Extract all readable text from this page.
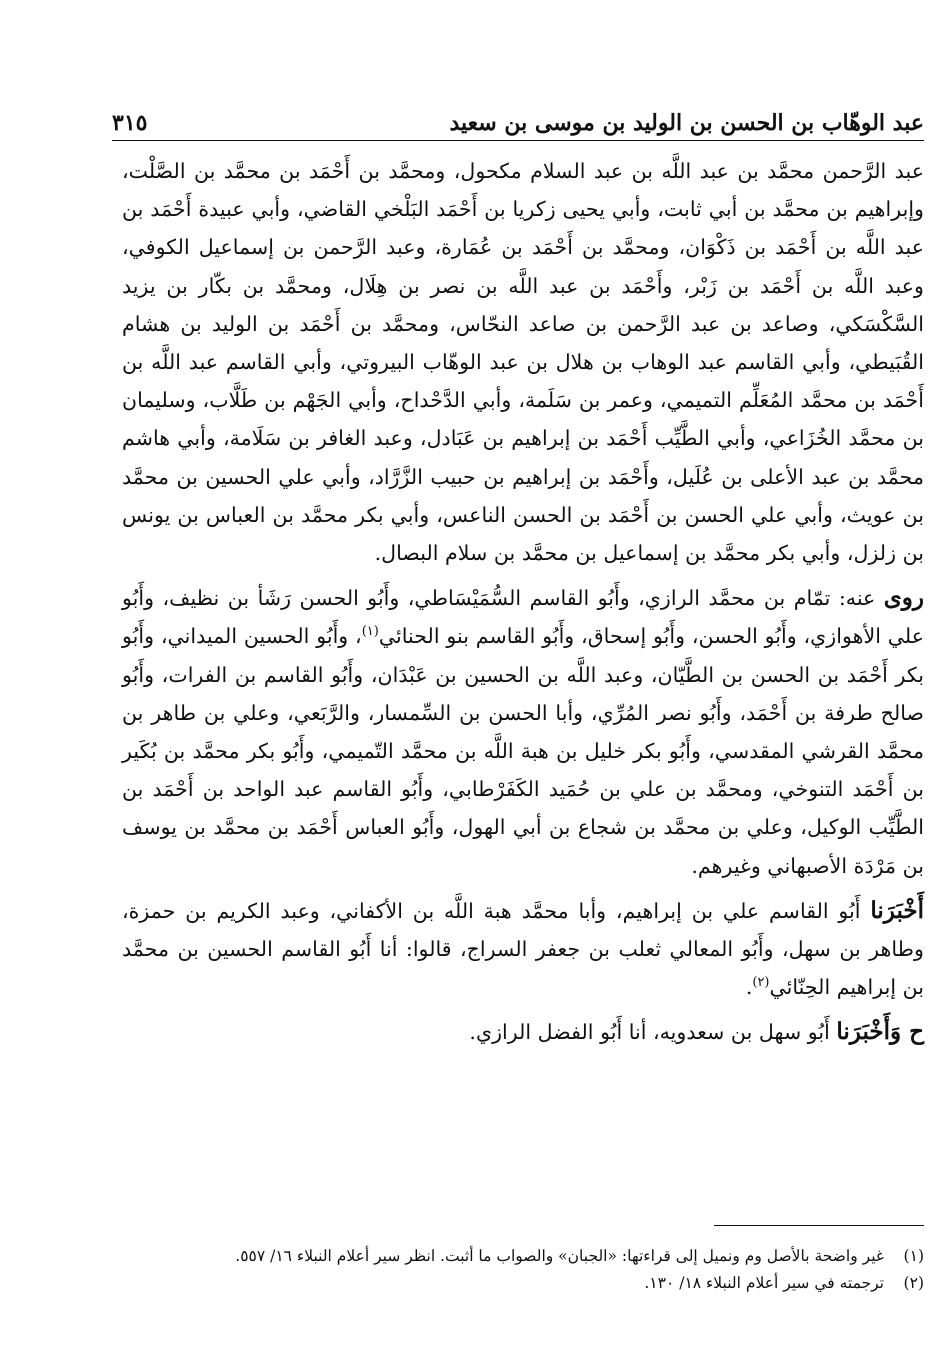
عبد الوهّاب بن الحسن بن الوليد بن موسى بن سعيد
٣١٥

عبد الرَّحمن محمَّد بن عبد اللَّه بن عبد السلام مكحول، ومحمَّد بن أَحْمَد بن محمَّد بن الصَّلْت، وإبراهيم بن محمَّد بن أبي ثابت، وأبي يحيى زكريا بن أَحْمَد البَلْخي القاضي، وأبي عبيدة أَحْمَد بن عبد اللَّه بن أَحْمَد بن ذَكْوَان، ومحمَّد بن أَحْمَد بن عُمَارة، وعبد الرَّحمن بن إسماعيل الكوفي، وعبد اللَّه بن أَحْمَد بن زَبْر، وأَحْمَد بن عبد اللَّه بن نصر بن هِلَال، ومحمَّد بن بكّار بن يزيد السَّكْسَكي، وصاعد بن عبد الرَّحمن بن صاعد النحّاس، ومحمَّد بن أَحْمَد بن الوليد بن هشام القُبَيطي، وأبي القاسم عبد الوهاب بن هلال بن عبد الوهّاب البيروتي، وأبي القاسم عبد اللَّه بن أَحْمَد بن محمَّد المُعَلِّم التميمي، وعمر بن سَلَمة، وأبي الدَّحْداح، وأبي الجَهْم بن طَلَّاب، وسليمان بن محمَّد الخُزَاعي، وأبي الطَّيِّب أَحْمَد بن إبراهيم بن عَبَادل، وعبد الغافر بن سَلَامة، وأبي هاشم محمَّد بن عبد الأعلى بن عُلَيل، وأَحْمَد بن إبراهيم بن حبيب الزَّرَّاد، وأبي علي الحسين بن محمَّد بن عويث، وأبي علي الحسن بن أَحْمَد بن الحسن الناعس، وأبي بكر محمَّد بن العباس بن يونس بن زلزل، وأبي بكر محمَّد بن إسماعيل بن محمَّد بن سلام البصال.

روى عنه: تمّام بن محمَّد الرازي، وأَبُو القاسم السُّمَيْسَاطي، وأَبُو الحسن رَشَأ بن نظيف، وأَبُو علي الأهوازي، وأَبُو الحسن، وأَبُو إسحاق، وأَبُو القاسم بنو الحنائي$^{(١)}$، وأَبُو الحسين الميداني، وأَبُو بكر أَحْمَد بن الحسن بن الطَّيّان، وعبد اللَّه بن الحسين بن عَبْدَان، وأَبُو القاسم بن الفرات، وأَبُو صالح طرفة بن أَحْمَد، وأَبُو نصر المُرِّي، وأبا الحسن بن السِّمسار، والرَّبَعي، وعلي بن طاهر بن محمَّد القرشي المقدسي، وأَبُو بكر خليل بن هبة اللَّه بن محمَّد التّميمي، وأَبُو بكر محمَّد بن بُكَير بن أَحْمَد التنوخي، ومحمَّد بن علي بن حُمَيد الكَفَرْطابي، وأَبُو القاسم عبد الواحد بن أَحْمَد بن الطَّيِّب الوكيل، وعلي بن محمَّد بن شجاع بن أبي الهول، وأَبُو العباس أَحْمَد بن محمَّد بن يوسف بن مَرْدَة الأصبهاني وغيرهم.

أَخْبَرَنا أَبُو القاسم علي بن إبراهيم، وأبا محمَّد هبة اللَّه بن الأكفاني، وعبد الكريم بن حمزة، وطاهر بن سهل، وأَبُو المعالي ثعلب بن جعفر السراج، قالوا: أنا أَبُو القاسم الحسين بن محمَّد بن إبراهيم الحِنّائي$^{(٢)}$.

ح وَأَخْبَرَنا أَبُو سهل بن سعدويه، أنا أَبُو الفضل الرازي.

(١)
غير واضحة بالأصل وم ونميل إلى قراءتها: «الجبان» والصواب ما أثبت. انظر سير أعلام النبلاء ١٦/ ٥٥٧.
(٢)
ترجمته في سير أعلام النبلاء ١٨/ ١٣٠.
